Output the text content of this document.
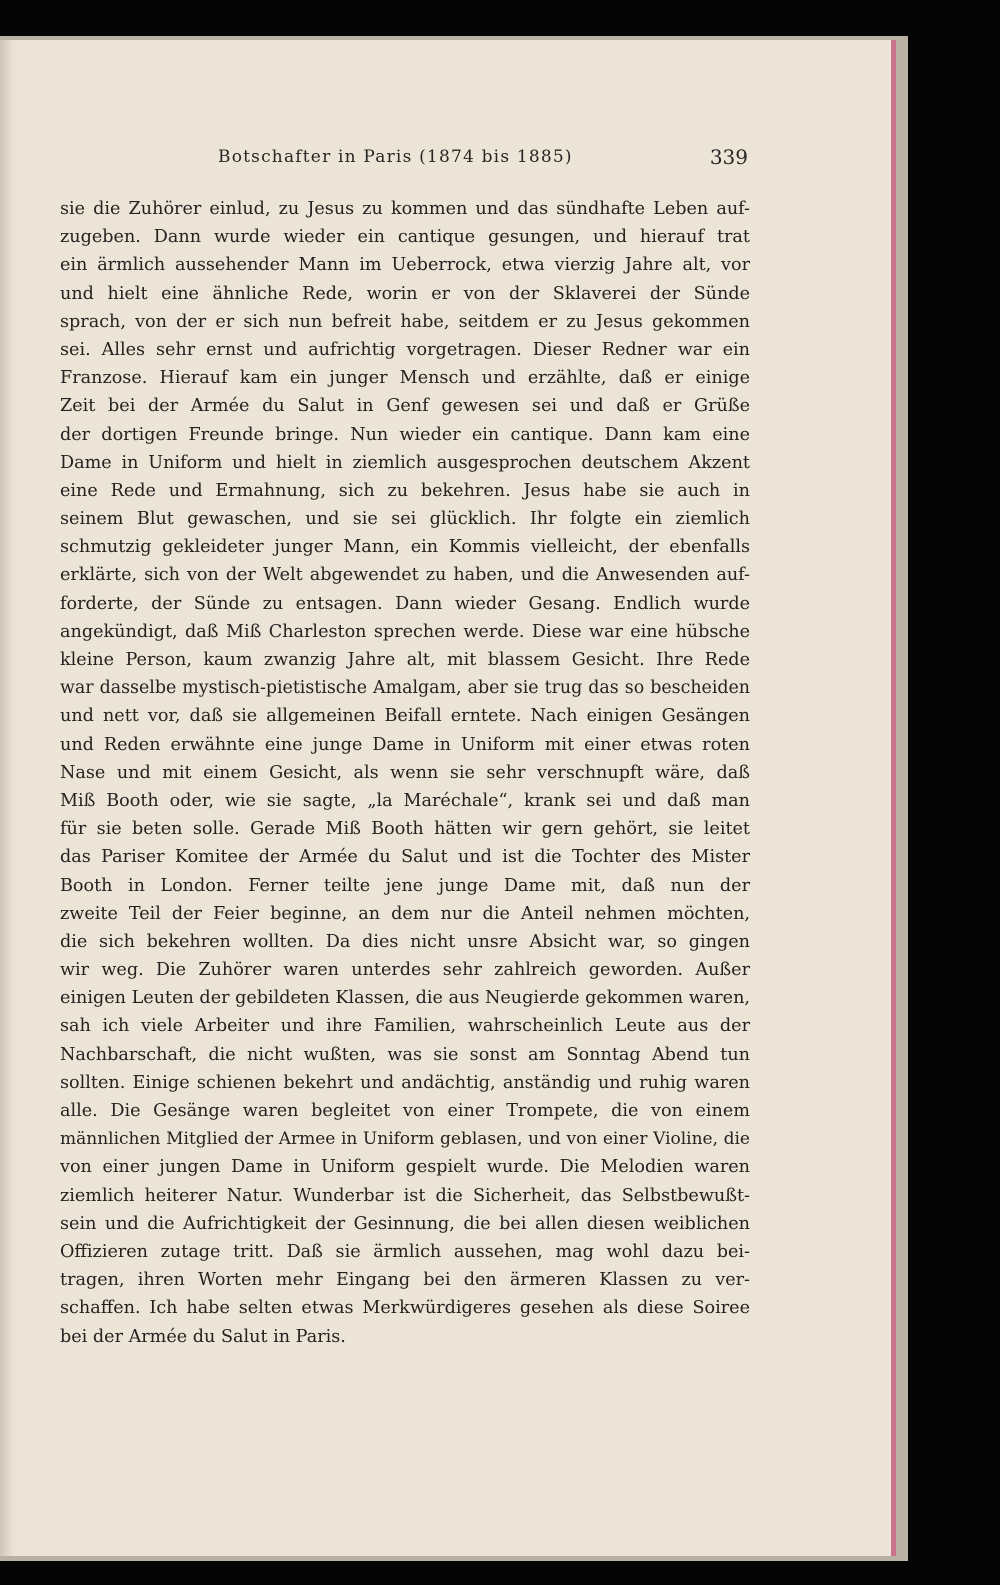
Botschafter in Paris (1874 bis 1885)	339
sie die Zuhörer einlud, zu Jesus zu kommen und das sündhafte Leben auf-
zugeben. Dann wurde wieder ein cantique gesungen, und hierauf trat
ein ärmlich aussehender Mann im Ueberrock, etwa vierzig Jahre alt, vor
und hielt eine ähnliche Rede, worin er von der Sklaverei der Sünde
sprach, von der er sich nun befreit habe, seitdem er zu Jesus gekommen
sei. Alles sehr ernst und aufrichtig vorgetragen. Dieser Redner war ein
Franzose. Hierauf kam ein junger Mensch und erzählte, daß er einige
Zeit bei der Armée du Salut in Genf gewesen sei und daß er Grüße
der dortigen Freunde bringe. Nun wieder ein cantique. Dann kam eine
Dame in Uniform und hielt in ziemlich ausgesprochen deutschem Akzent
eine Rede und Ermahnung, sich zu bekehren. Jesus habe sie auch in
seinem Blut gewaschen, und sie sei glücklich. Ihr folgte ein ziemlich
schmutzig gekleideter junger Mann, ein Kommis vielleicht, der ebenfalls
erklärte, sich von der Welt abgewendet zu haben, und die Anwesenden auf-
forderte, der Sünde zu entsagen. Dann wieder Gesang. Endlich wurde
angekündigt, daß Miß Charleston sprechen werde. Diese war eine hübsche
kleine Person, kaum zwanzig Jahre alt, mit blassem Gesicht. Ihre Rede
war dasselbe mystisch-pietistische Amalgam, aber sie trug das so bescheiden
und nett vor, daß sie allgemeinen Beifall erntete. Nach einigen Gesängen
und Reden erwähnte eine junge Dame in Uniform mit einer etwas roten
Nase und mit einem Gesicht, als wenn sie sehr verschnupft wäre, daß
Miß Booth oder, wie sie sagte, „la Maréchale“, krank sei und daß man
für sie beten solle. Gerade Miß Booth hätten wir gern gehört, sie leitet
das Pariser Komitee der Armée du Salut und ist die Tochter des Mister
Booth in London. Ferner teilte jene junge Dame mit, daß nun der
zweite Teil der Feier beginne, an dem nur die Anteil nehmen möchten,
die sich bekehren wollten. Da dies nicht unsre Absicht war, so gingen
wir weg. Die Zuhörer waren unterdes sehr zahlreich geworden. Außer
einigen Leuten der gebildeten Klassen, die aus Neugierde gekommen waren,
sah ich viele Arbeiter und ihre Familien, wahrscheinlich Leute aus der
Nachbarschaft, die nicht wußten, was sie sonst am Sonntag Abend tun
sollten. Einige schienen bekehrt und andächtig, anständig und ruhig waren
alle. Die Gesänge waren begleitet von einer Trompete, die von einem
männlichen Mitglied der Armee in Uniform geblasen, und von einer Violine, die
von einer jungen Dame in Uniform gespielt wurde. Die Melodien waren
ziemlich heiterer Natur. Wunderbar ist die Sicherheit, das Selbstbewußt-
sein und die Aufrichtigkeit der Gesinnung, die bei allen diesen weiblichen
Offizieren zutage tritt. Daß sie ärmlich aussehen, mag wohl dazu bei-
tragen, ihren Worten mehr Eingang bei den ärmeren Klassen zu ver-
schaffen. Ich habe selten etwas Merkwürdigeres gesehen als diese Soiree
bei der Armée du Salut in Paris.
